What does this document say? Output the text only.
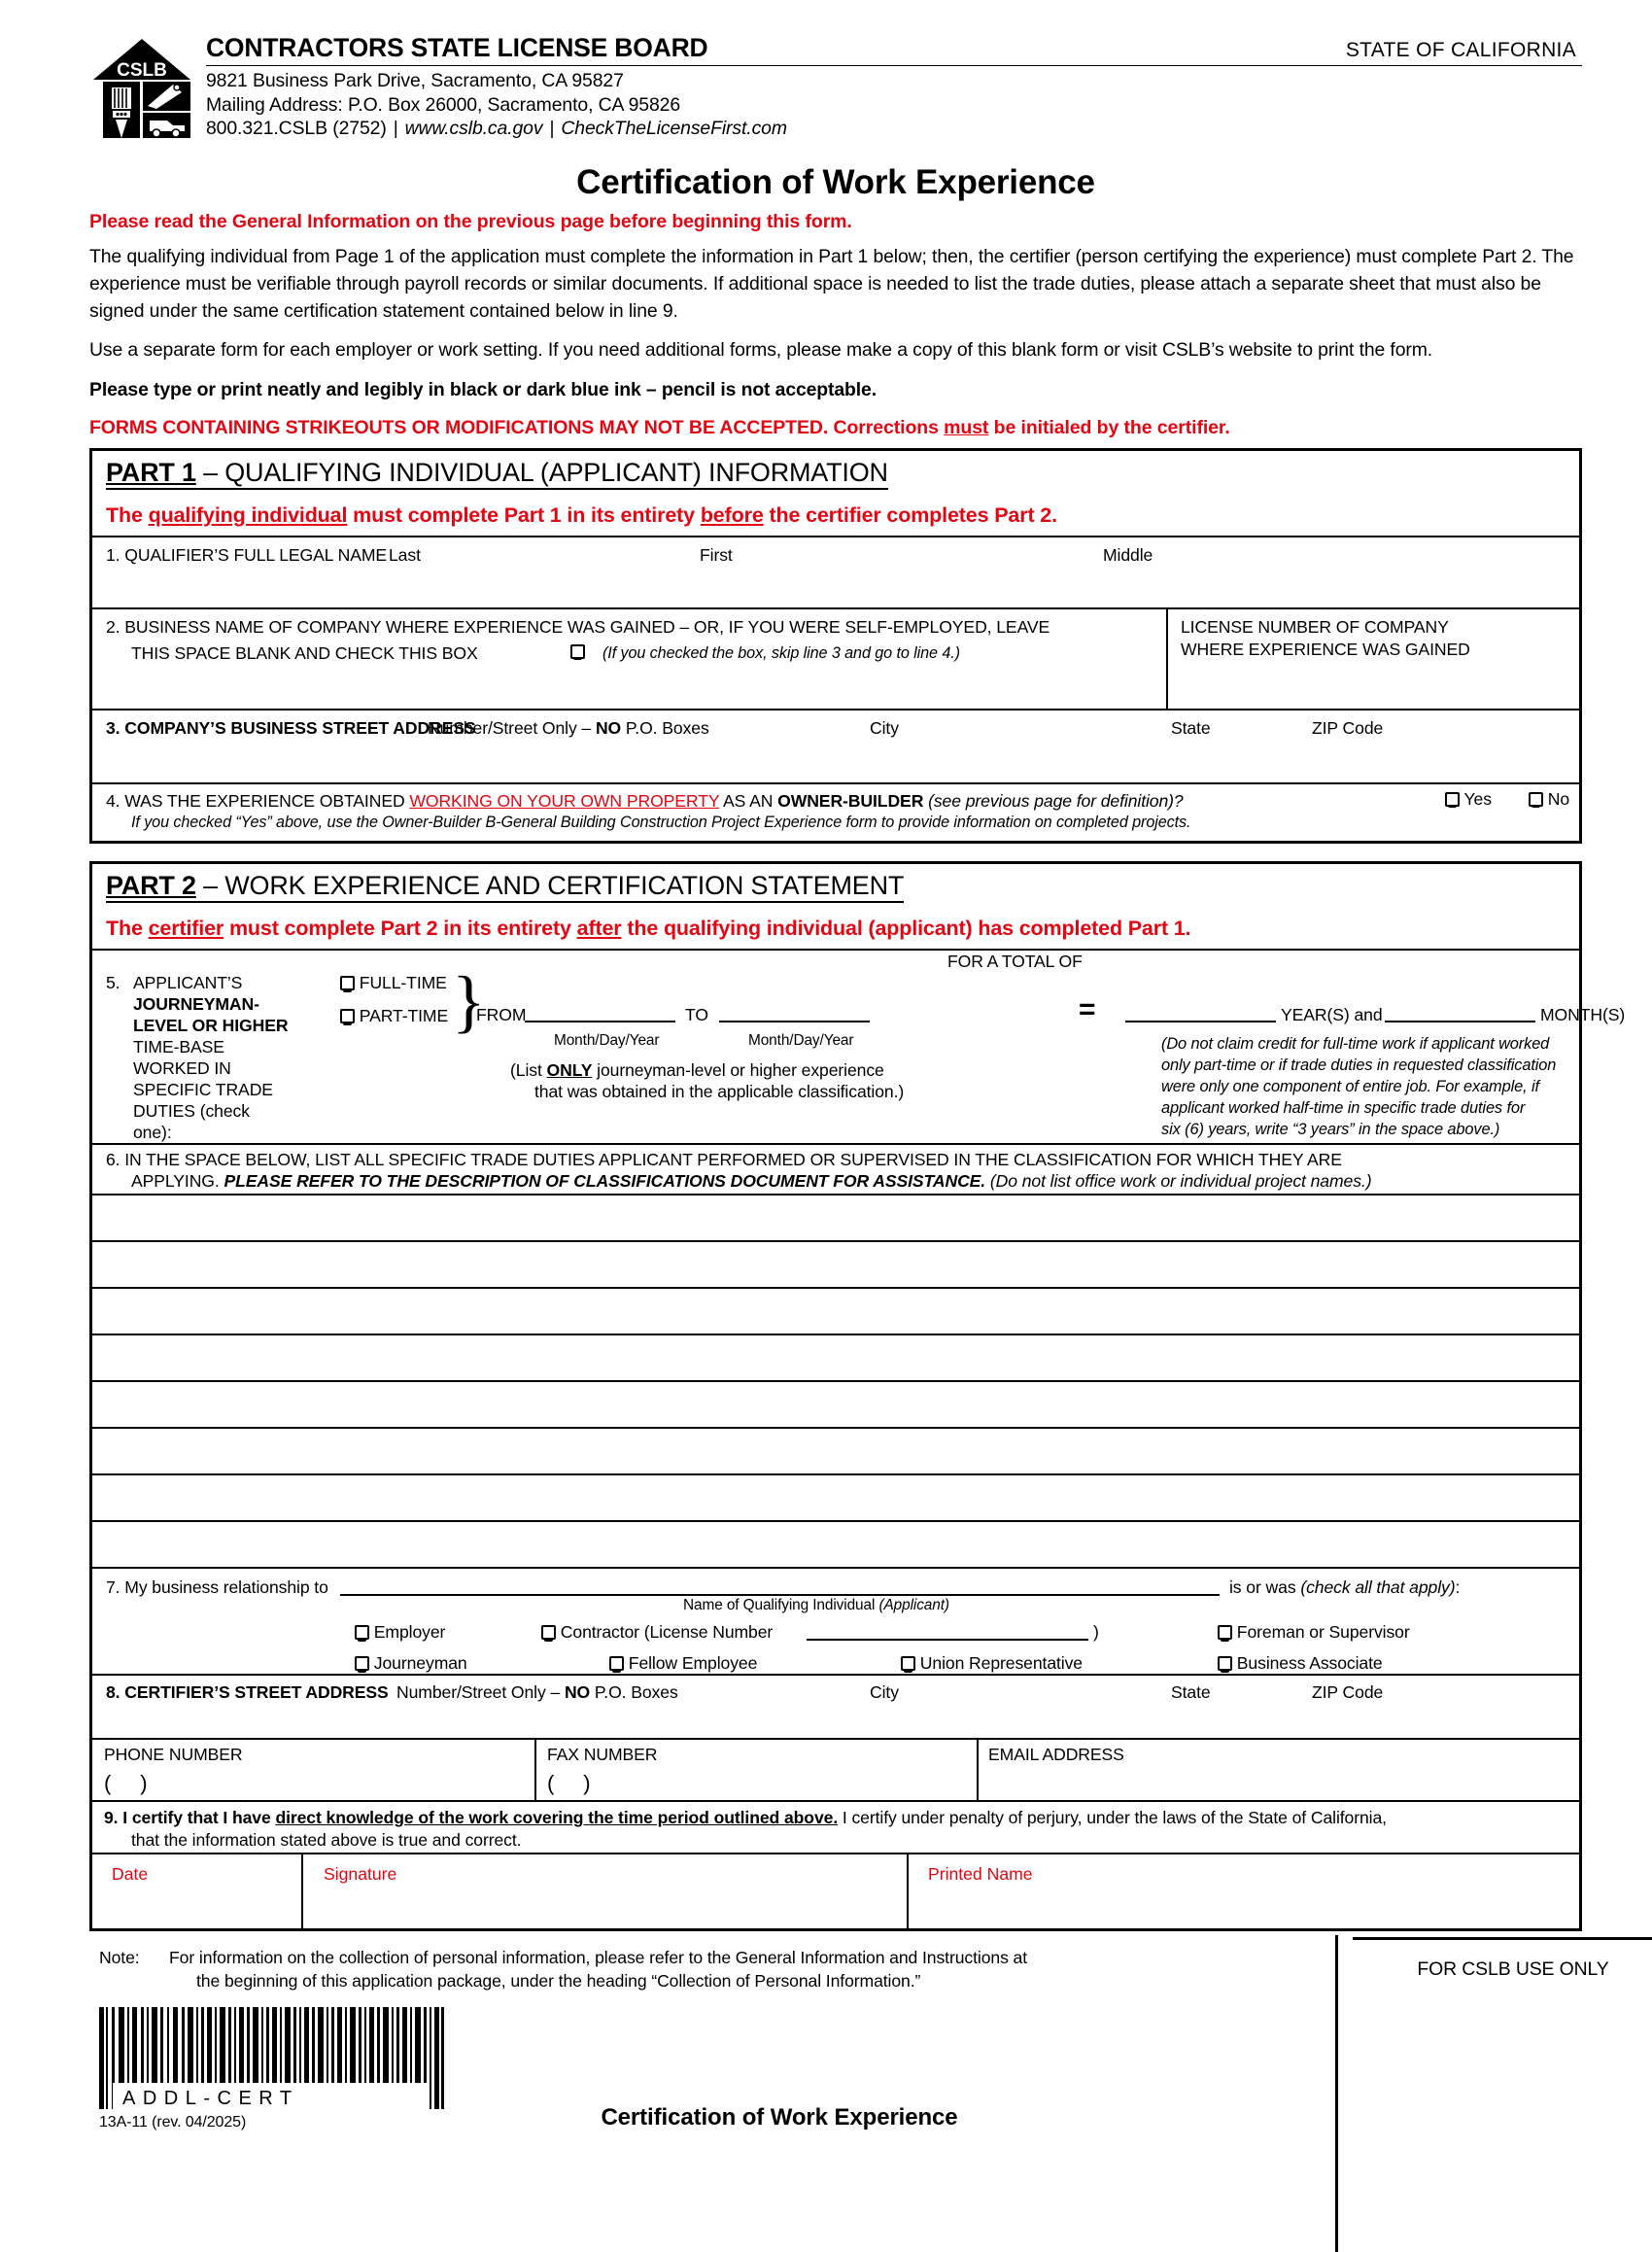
CSLB
CONTRACTORS STATE LICENSE BOARD	STATE OF CALIFORNIA
9821 Business Park Drive, Sacramento, CA 95827
Mailing Address: P.O. Box 26000, Sacramento, CA 95826
800.321.CSLB (2752) | www.cslb.ca.gov | CheckTheLicenseFirst.com
Certification of Work Experience
Please read the General Information on the previous page before beginning this form.
The qualifying individual from Page 1 of the application must complete the information in Part 1 below; then, the certifier (person certifying the experience) must complete Part 2. The experience must be verifiable through payroll records or similar documents. If additional space is needed to list the trade duties, please attach a separate sheet that must also be signed under the same certification statement contained below in line 9.
Use a separate form for each employer or work setting. If you need additional forms, please make a copy of this blank form or visit CSLB’s website to print the form.
Please type or print neatly and legibly in black or dark blue ink – pencil is not acceptable.
FORMS CONTAINING STRIKEOUTS OR MODIFICATIONS MAY NOT BE ACCEPTED. Corrections must be initialed by the certifier.
PART 1 – QUALIFYING INDIVIDUAL (APPLICANT) INFORMATION
The qualifying individual must complete Part 1 in its entirety before the certifier completes Part 2.
1. QUALIFIER’S FULL LEGAL NAME Last	First	Middle
2. BUSINESS NAME OF COMPANY WHERE EXPERIENCE WAS GAINED – OR, IF YOU WERE SELF-EMPLOYED, LEAVE
THIS SPACE BLANK AND CHECK THIS BOX	(If you checked the box, skip line 3 and go to line 4.)
LICENSE NUMBER OF COMPANY
WHERE EXPERIENCE WAS GAINED
3. COMPANY’S BUSINESS STREET ADDRESS
Number/Street Only – NO P.O. Boxes	City	State	ZIP Code
4. WAS THE EXPERIENCE OBTAINED WORKING ON YOUR OWN PROPERTY AS AN OWNER-BUILDER (see previous page for definition)?	Yes	No
If you checked “Yes” above, use the Owner-Builder B-General Building Construction Project Experience form to provide information on completed projects.
PART 2 – WORK EXPERIENCE AND CERTIFICATION STATEMENT
The certifier must complete Part 2 in its entirety after the qualifying individual (applicant) has completed Part 1.
5. APPLICANT’S
JOURNEYMAN-
LEVEL OR HIGHER
TIME-BASE
WORKED IN
SPECIFIC TRADE
DUTIES (check
one):
FULL-TIME
PART-TIME }
FROM	TO
Month/Day/Year	Month/Day/Year
(List ONLY journeyman-level or higher experience
that was obtained in the applicable classification.)
FOR A TOTAL OF
=	YEAR(S) and	MONTH(S)
(Do not claim credit for full-time work if applicant worked
only part-time or if trade duties in requested classification
were only one component of entire job. For example, if
applicant worked half-time in specific trade duties for
six (6) years, write “3 years” in the space above.)
6. IN THE SPACE BELOW, LIST ALL SPECIFIC TRADE DUTIES APPLICANT PERFORMED OR SUPERVISED IN THE CLASSIFICATION FOR WHICH THEY ARE
APPLYING. PLEASE REFER TO THE DESCRIPTION OF CLASSIFICATIONS DOCUMENT FOR ASSISTANCE. (Do not list office work or individual project names.)
7. My business relationship to	is or was (check all that apply):
Name of Qualifying Individual (Applicant)
Employer	Contractor (License Number	)	Foreman or Supervisor
Journeyman	Fellow Employee	Union Representative	Business Associate
8. CERTIFIER’S STREET ADDRESS Number/Street Only – NO P.O. Boxes	City	State	ZIP Code
PHONE NUMBER
( )
FAX NUMBER
( )
EMAIL ADDRESS
9. I certify that I have direct knowledge of the work covering the time period outlined above. I certify under penalty of perjury, under the laws of the State of California,
that the information stated above is true and correct.
Date	Signature	Printed Name
Note: For information on the collection of personal information, please refer to the General Information and Instructions at
the beginning of this application package, under the heading “Collection of Personal Information.”
FOR CSLB USE ONLY
ADDL-CERT
13A-11 (rev. 04/2025)	Certification of Work Experience
